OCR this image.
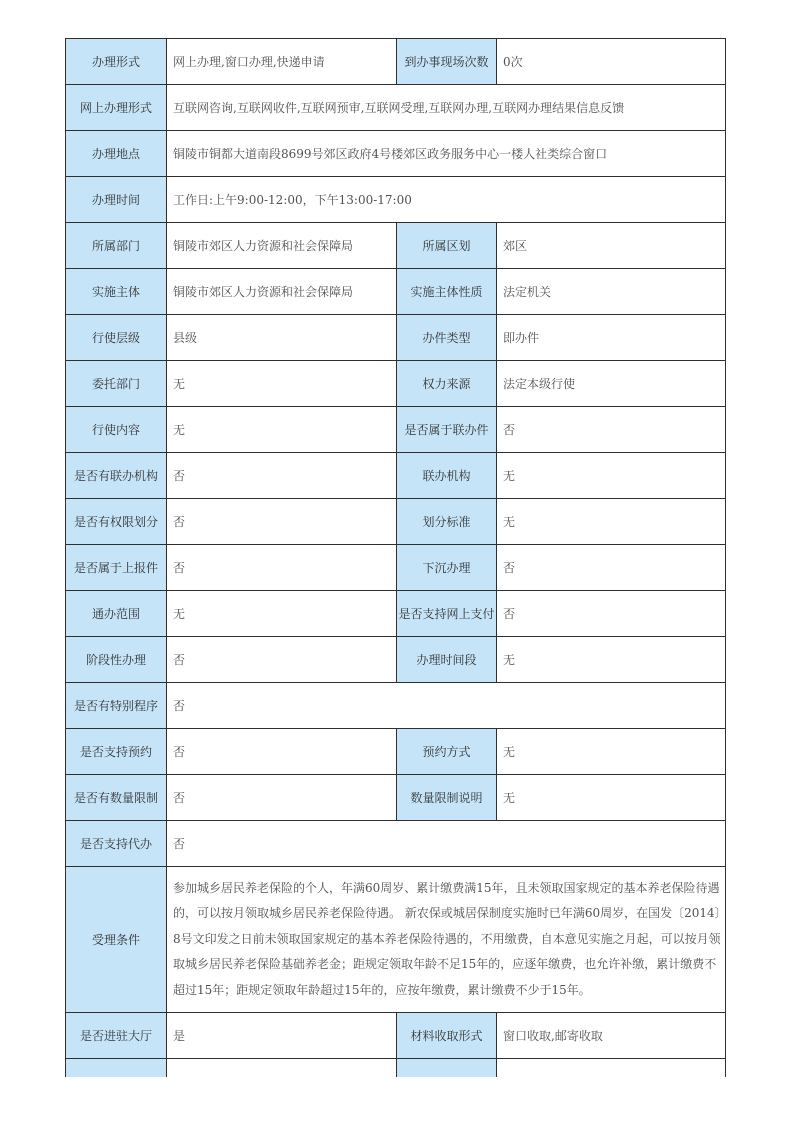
办理形式	网上办理,窗口办理,快递申请	到办事现场次数	0次
网上办理形式	互联网咨询,互联网收件,互联网预审,互联网受理,互联网办理,互联网办理结果信息反馈		
办理地点	铜陵市铜都大道南段8699号郊区政府4号楼郊区政务服务中心一楼人社类综合窗口		
办理时间	工作日:上午9:00-12:00，下午13:00-17:00		
所属部门	铜陵市郊区人力资源和社会保障局	所属区划	郊区
实施主体	铜陵市郊区人力资源和社会保障局	实施主体性质	法定机关
行使层级	县级	办件类型	即办件
委托部门	无	权力来源	法定本级行使
行使内容	无	是否属于联办件	否
是否有联办机构	否	联办机构	无
是否有权限划分	否	划分标准	无
是否属于上报件	否	下沉办理	否
通办范围	无	是否支持网上支付	否
阶段性办理	否	办理时间段	无
是否有特别程序	否		
是否支持预约	否	预约方式	无
是否有数量限制	否	数量限制说明	无
是否支持代办	否		
受理条件	参加城乡居民养老保险的个人，年满60周岁、累计缴费满15年，且未领取国家规定的基本养老保险待遇的，可以按月领取城乡居民养老保险待遇。 新农保或城居保制度实施时已年满60周岁，在国发〔2014〕8号文印发之日前未领取国家规定的基本养老保险待遇的，不用缴费，自本意见实施之月起，可以按月领取城乡居民养老保险基础养老金；距规定领取年龄不足15年的，应逐年缴费，也允许补缴，累计缴费不超过15年；距规定领取年龄超过15年的，应按年缴费，累计缴费不少于15年。		

是否进驻大厅	是	材料收取形式	窗口收取,邮寄收取
